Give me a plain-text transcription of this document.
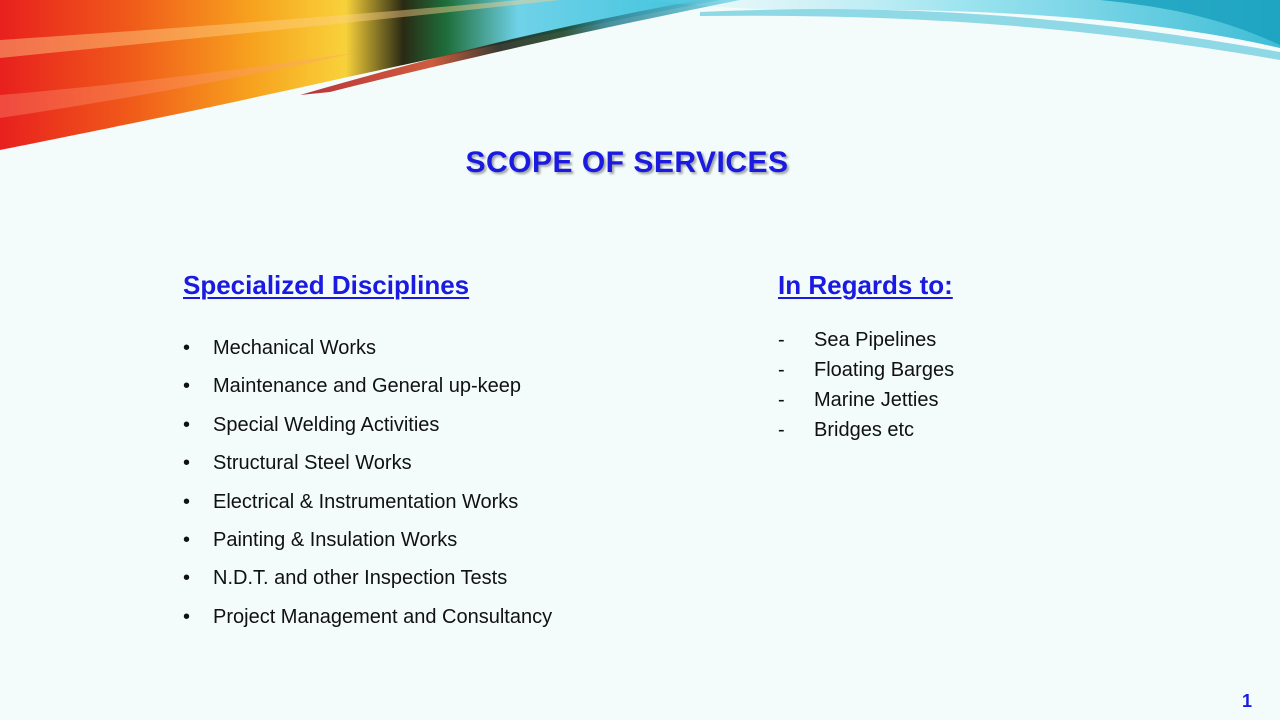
SCOPE OF SERVICES
Specialized Disciplines
•	Mechanical Works
•	Maintenance and General up-keep
•	Special Welding Activities
•	Structural Steel Works
•	Electrical & Instrumentation Works
•	Painting & Insulation Works
•	N.D.T. and other Inspection Tests
•	Project Management and Consultancy
In Regards to:
-	Sea Pipelines
-	Floating Barges
-	Marine Jetties
-	Bridges etc
1
